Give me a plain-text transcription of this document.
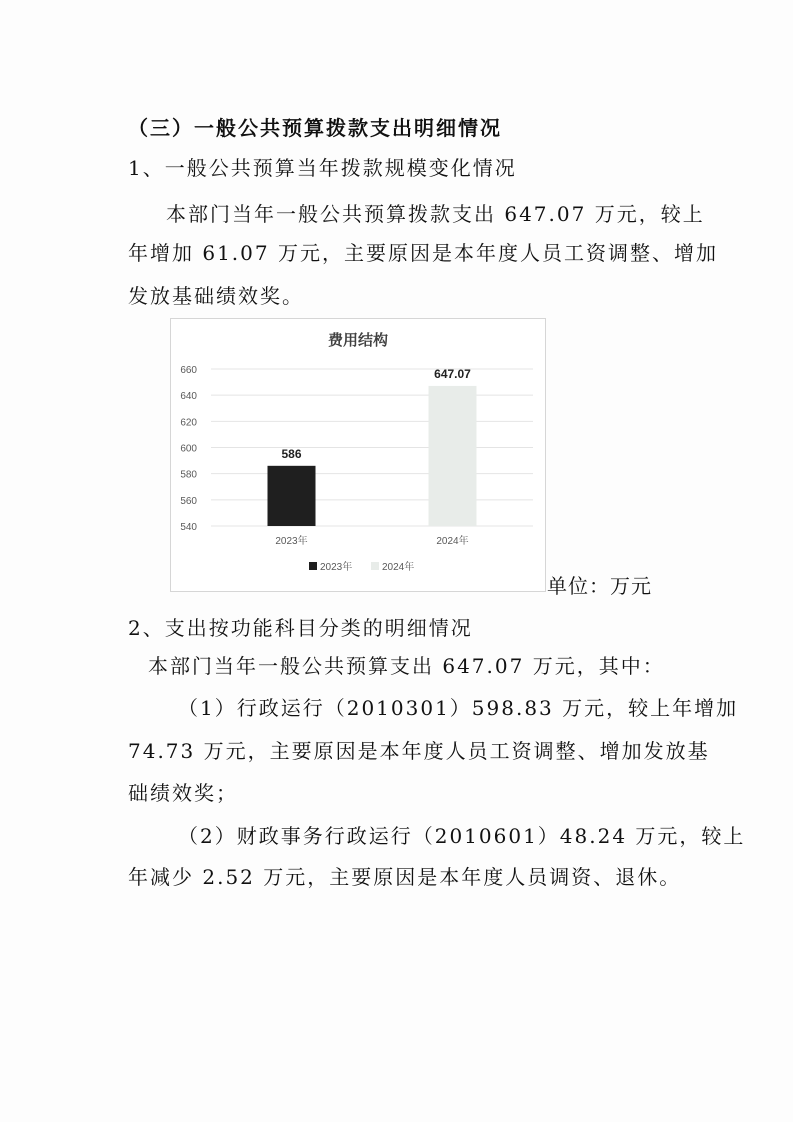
（三）一般公共预算拨款支出明细情况
1、一般公共预算当年拨款规模变化情况
本部门当年一般公共预算拨款支出 647.07 万元，较上
年增加 61.07 万元，主要原因是本年度人员工资调整、增加
发放基础绩效奖。
费用结构
540
560
580
600
620
640
660
586
2023年
647.07
2024年
2023年	2024年
单位：万元
2、支出按功能科目分类的明细情况
本部门当年一般公共预算支出 647.07 万元，其中：
（1）行政运行（2010301）598.83 万元，较上年增加
74.73 万元，主要原因是本年度人员工资调整、增加发放基
础绩效奖；
（2）财政事务行政运行（2010601）48.24 万元，较上
年减少 2.52 万元，主要原因是本年度人员调资、退休。
